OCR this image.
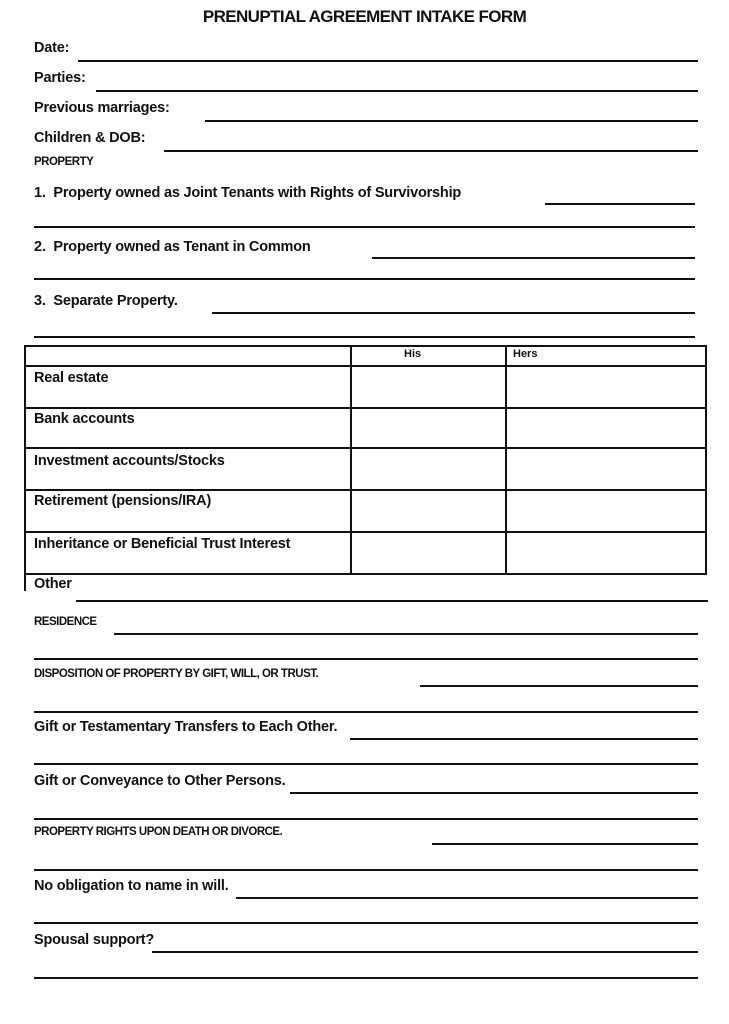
PRENUPTIAL AGREEMENT INTAKE FORM
Date:
Parties:
Previous marriages:
Children & DOB:
PROPERTY
1. Property owned as Joint Tenants with Rights of Survivorship
2. Property owned as Tenant in Common
3. Separate Property.
His	Hers
Real estate
Bank accounts
Investment accounts/Stocks
Retirement (pensions/IRA)
Inheritance or Beneficial Trust Interest
Other
RESIDENCE
DISPOSITION OF PROPERTY BY GIFT, WILL, OR TRUST.
Gift or Testamentary Transfers to Each Other.
Gift or Conveyance to Other Persons.
PROPERTY RIGHTS UPON DEATH OR DIVORCE.
No obligation to name in will.
Spousal support?
